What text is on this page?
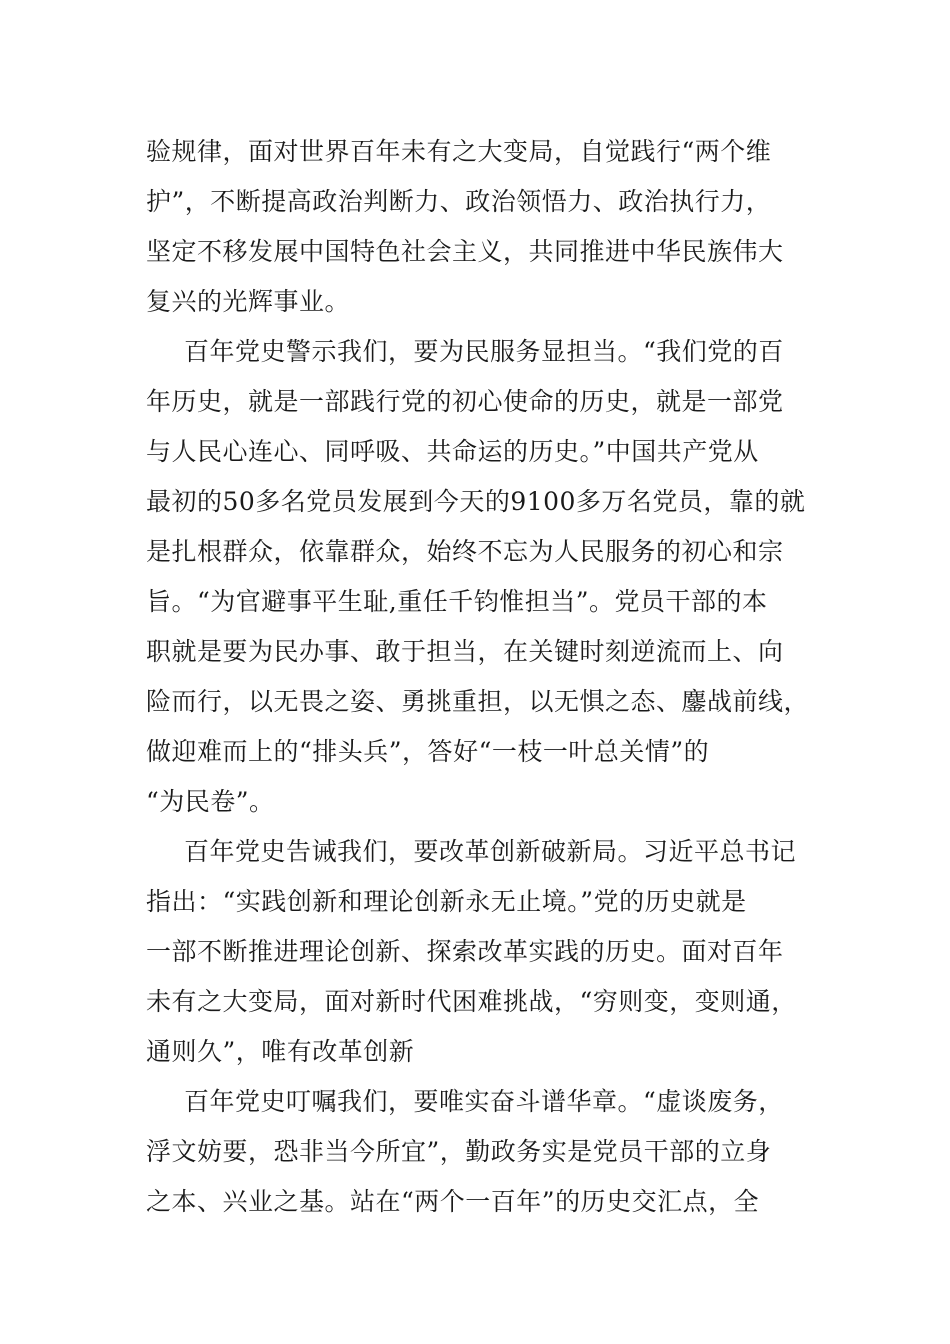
验规律，面对世界百年未有之大变局，自觉践行“两个维

护”，不断提高政治判断力、政治领悟力、政治执行力，

坚定不移发展中国特色社会主义，共同推进中华民族伟大

复兴的光辉事业。

百年党史警示我们，要为民服务显担当。“我们党的百

年历史，就是一部践行党的初心使命的历史，就是一部党

与人民心连心、同呼吸、共命运的历史。”中国共产党从

最初的50多名党员发展到今天的9100多万名党员，靠的就

是扎根群众，依靠群众，始终不忘为人民服务的初心和宗

旨。“为官避事平生耻,重任千钧惟担当”。党员干部的本

职就是要为民办事、敢于担当，在关键时刻逆流而上、向

险而行，以无畏之姿、勇挑重担，以无惧之态、鏖战前线，

做迎难而上的“排头兵”，答好“一枝一叶总关情”的

“为民卷”。

百年党史告诫我们，要改革创新破新局。习近平总书记

指出：“实践创新和理论创新永无止境。”党的历史就是

一部不断推进理论创新、探索改革实践的历史。面对百年

未有之大变局，面对新时代困难挑战，“穷则变，变则通，

通则久”，唯有改革创新

百年党史叮嘱我们，要唯实奋斗谱华章。“虚谈废务，

浮文妨要，恐非当今所宜”，勤政务实是党员干部的立身

之本、兴业之基。站在“两个一百年”的历史交汇点，全
